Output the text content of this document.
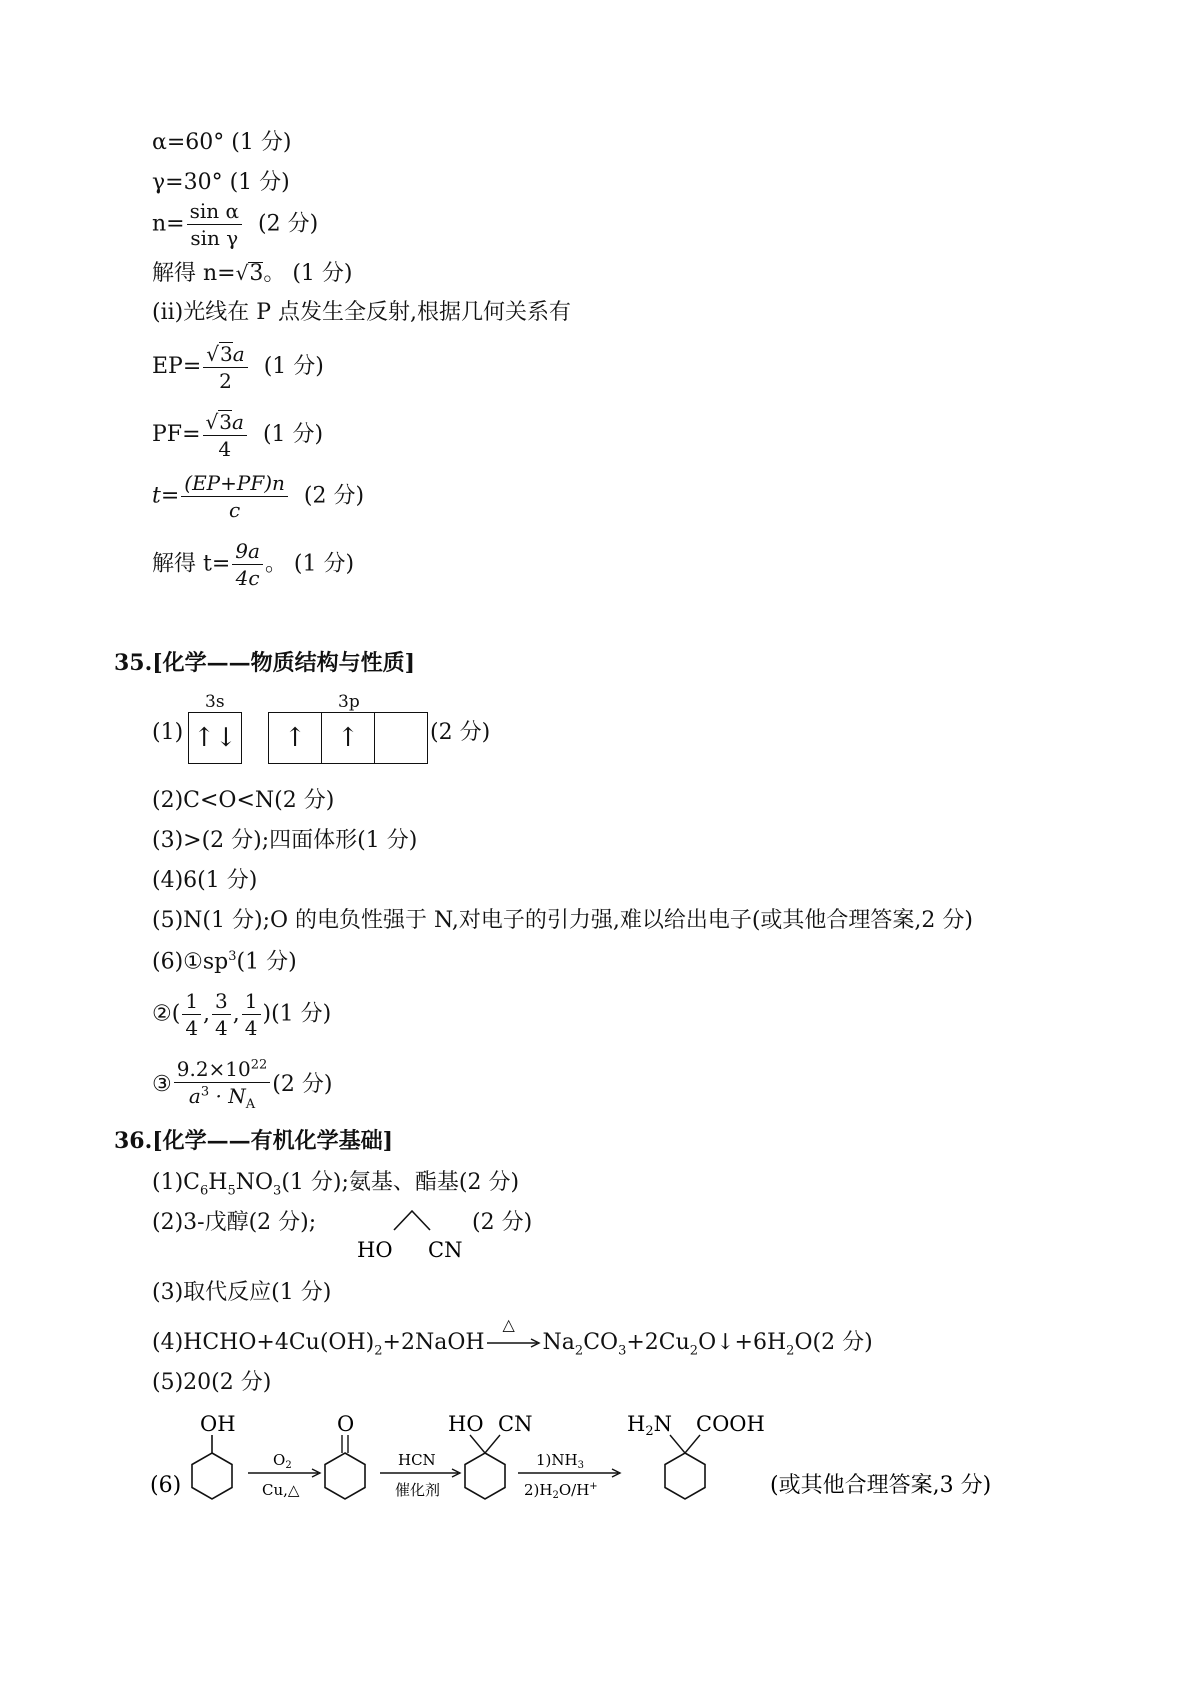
α=60° (1 分)
γ=30° (1 分)
$n= \frac{\text{sin α}}{\text{sin γ}} (2$ 分)
解得 n=√3。 (1 分)
(ⅱ)光线在 P 点发生全反射,根据几何关系有
$EP= \frac{√3a}{2} (1$ 分)
$PF= \frac{√3a}{4} (1$ 分)
$t= \frac{(EP+PF)n}{c} (2$ 分)
解得 $t= \frac{9a}{4c}$ 。 (1 分)
35.[化学——物质结构与性质]
3s	3p
(1) ↑↓	↑	↑	(2 分)
(2)C<O<N(2 分)
(3)>(2 分);四面体形(1 分)
(4)6(1 分)
(5)N(1 分);O 的电负性强于 N,对电子的引力强,难以给出电子(或其他合理答案,2 分)
$(6)①sp^3(1$ 分)
②( $\frac{1}{4}$ , $\frac{3}{4}$ , $\frac{1}{4} )(1$ 分)
③ $\frac{9.2\times 10^{22}}{a^3 \cdot N_A} (2$ 分)
36.[化学——有机化学基础]
$(1)C_6H_5NO_3(1$ 分);氨基、酯基(2 分)
(2)3-戊醇(2 分);
HO CN
(2 分)
(3)取代反应(1 分)
$(4)HCHO+4Cu(OH)_2+2NaOH$
△
$Na_2CO_3+2Cu_2O↓+6H_2O(2$ 分)
(5)20(2 分)
(6)
OH
$O_2$
Cu,△
O
HCN
催化剂
HO CN
$1)NH_3$
$2)H_2O/H^+$
H2N COOH
(或其他合理答案,3 分)
